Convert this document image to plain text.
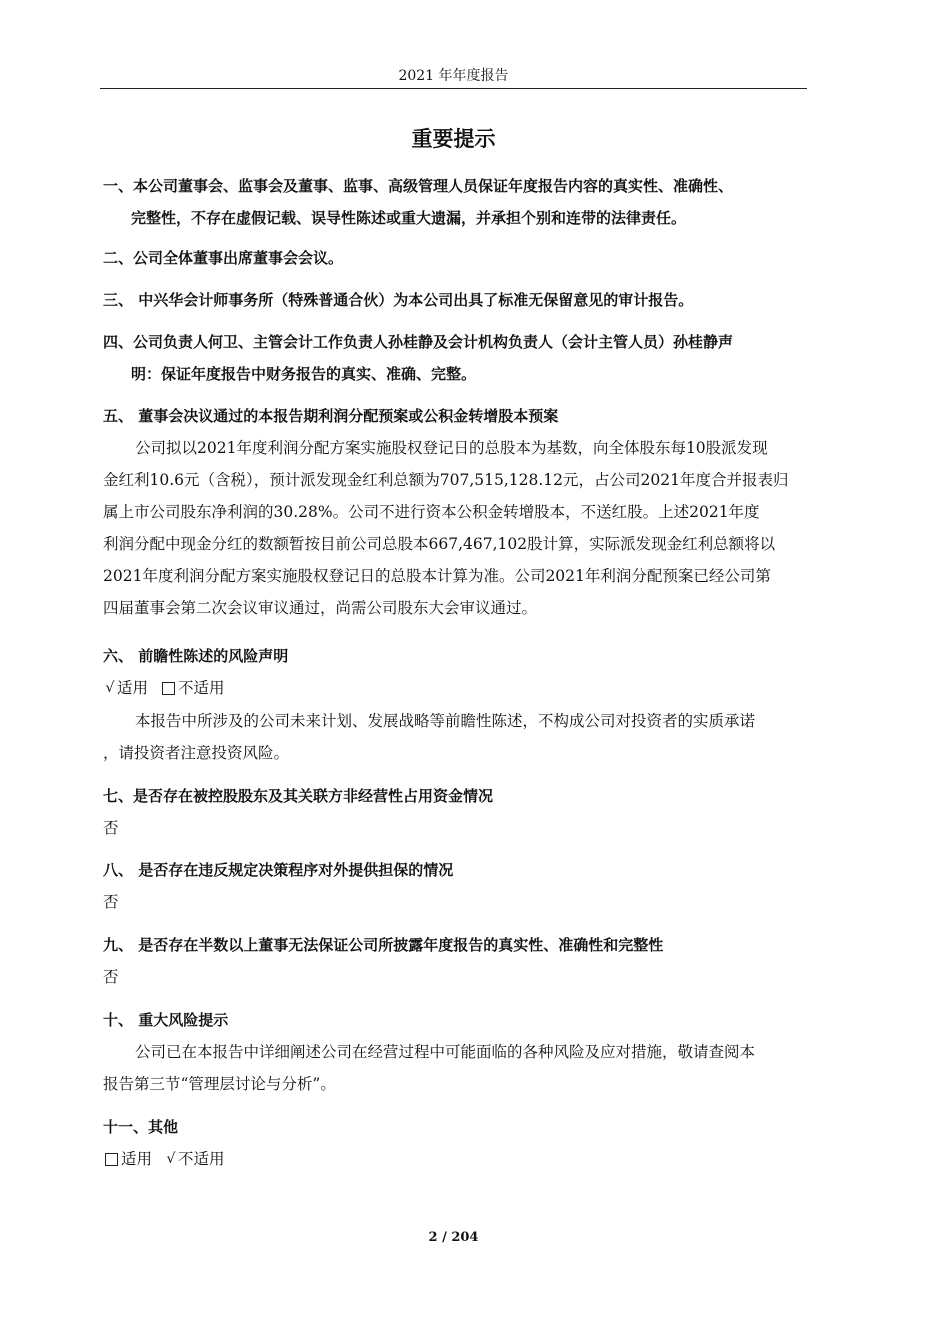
2021 年年度报告
重要提示
一、本公司董事会、监事会及董事、监事、高级管理人员保证年度报告内容的真实性、准确性、
完整性，不存在虚假记载、误导性陈述或重大遗漏，并承担个别和连带的法律责任。
二、公司全体董事出席董事会会议。
三、 中兴华会计师事务所（特殊普通合伙）为本公司出具了标准无保留意见的审计报告。
四、公司负责人何卫、主管会计工作负责人孙桂静及会计机构负责人（会计主管人员）孙桂静声
明：保证年度报告中财务报告的真实、准确、完整。
五、 董事会决议通过的本报告期利润分配预案或公积金转增股本预案
公司拟以2021年度利润分配方案实施股权登记日的总股本为基数，向全体股东每10股派发现
金红利10.6元（含税），预计派发现金红利总额为707,515,128.12元，占公司2021年度合并报表归
属上市公司股东净利润的30.28%。公司不进行资本公积金转增股本，不送红股。上述2021年度
利润分配中现金分红的数额暂按目前公司总股本667,467,102股计算，实际派发现金红利总额将以
2021年度利润分配方案实施股权登记日的总股本计算为准。公司2021年利润分配预案已经公司第
四届董事会第二次会议审议通过，尚需公司股东大会审议通过。
六、 前瞻性陈述的风险声明
√ 适用 不适用
本报告中所涉及的公司未来计划、发展战略等前瞻性陈述，不构成公司对投资者的实质承诺
，请投资者注意投资风险。
七、是否存在被控股股东及其关联方非经营性占用资金情况
否
八、 是否存在违反规定决策程序对外提供担保的情况
否
九、 是否存在半数以上董事无法保证公司所披露年度报告的真实性、准确性和完整性
否
十、 重大风险提示
公司已在本报告中详细阐述公司在经营过程中可能面临的各种风险及应对措施，敬请查阅本
报告第三节“管理层讨论与分析”。
十一、其他
适用 √ 不适用
2 / 204
